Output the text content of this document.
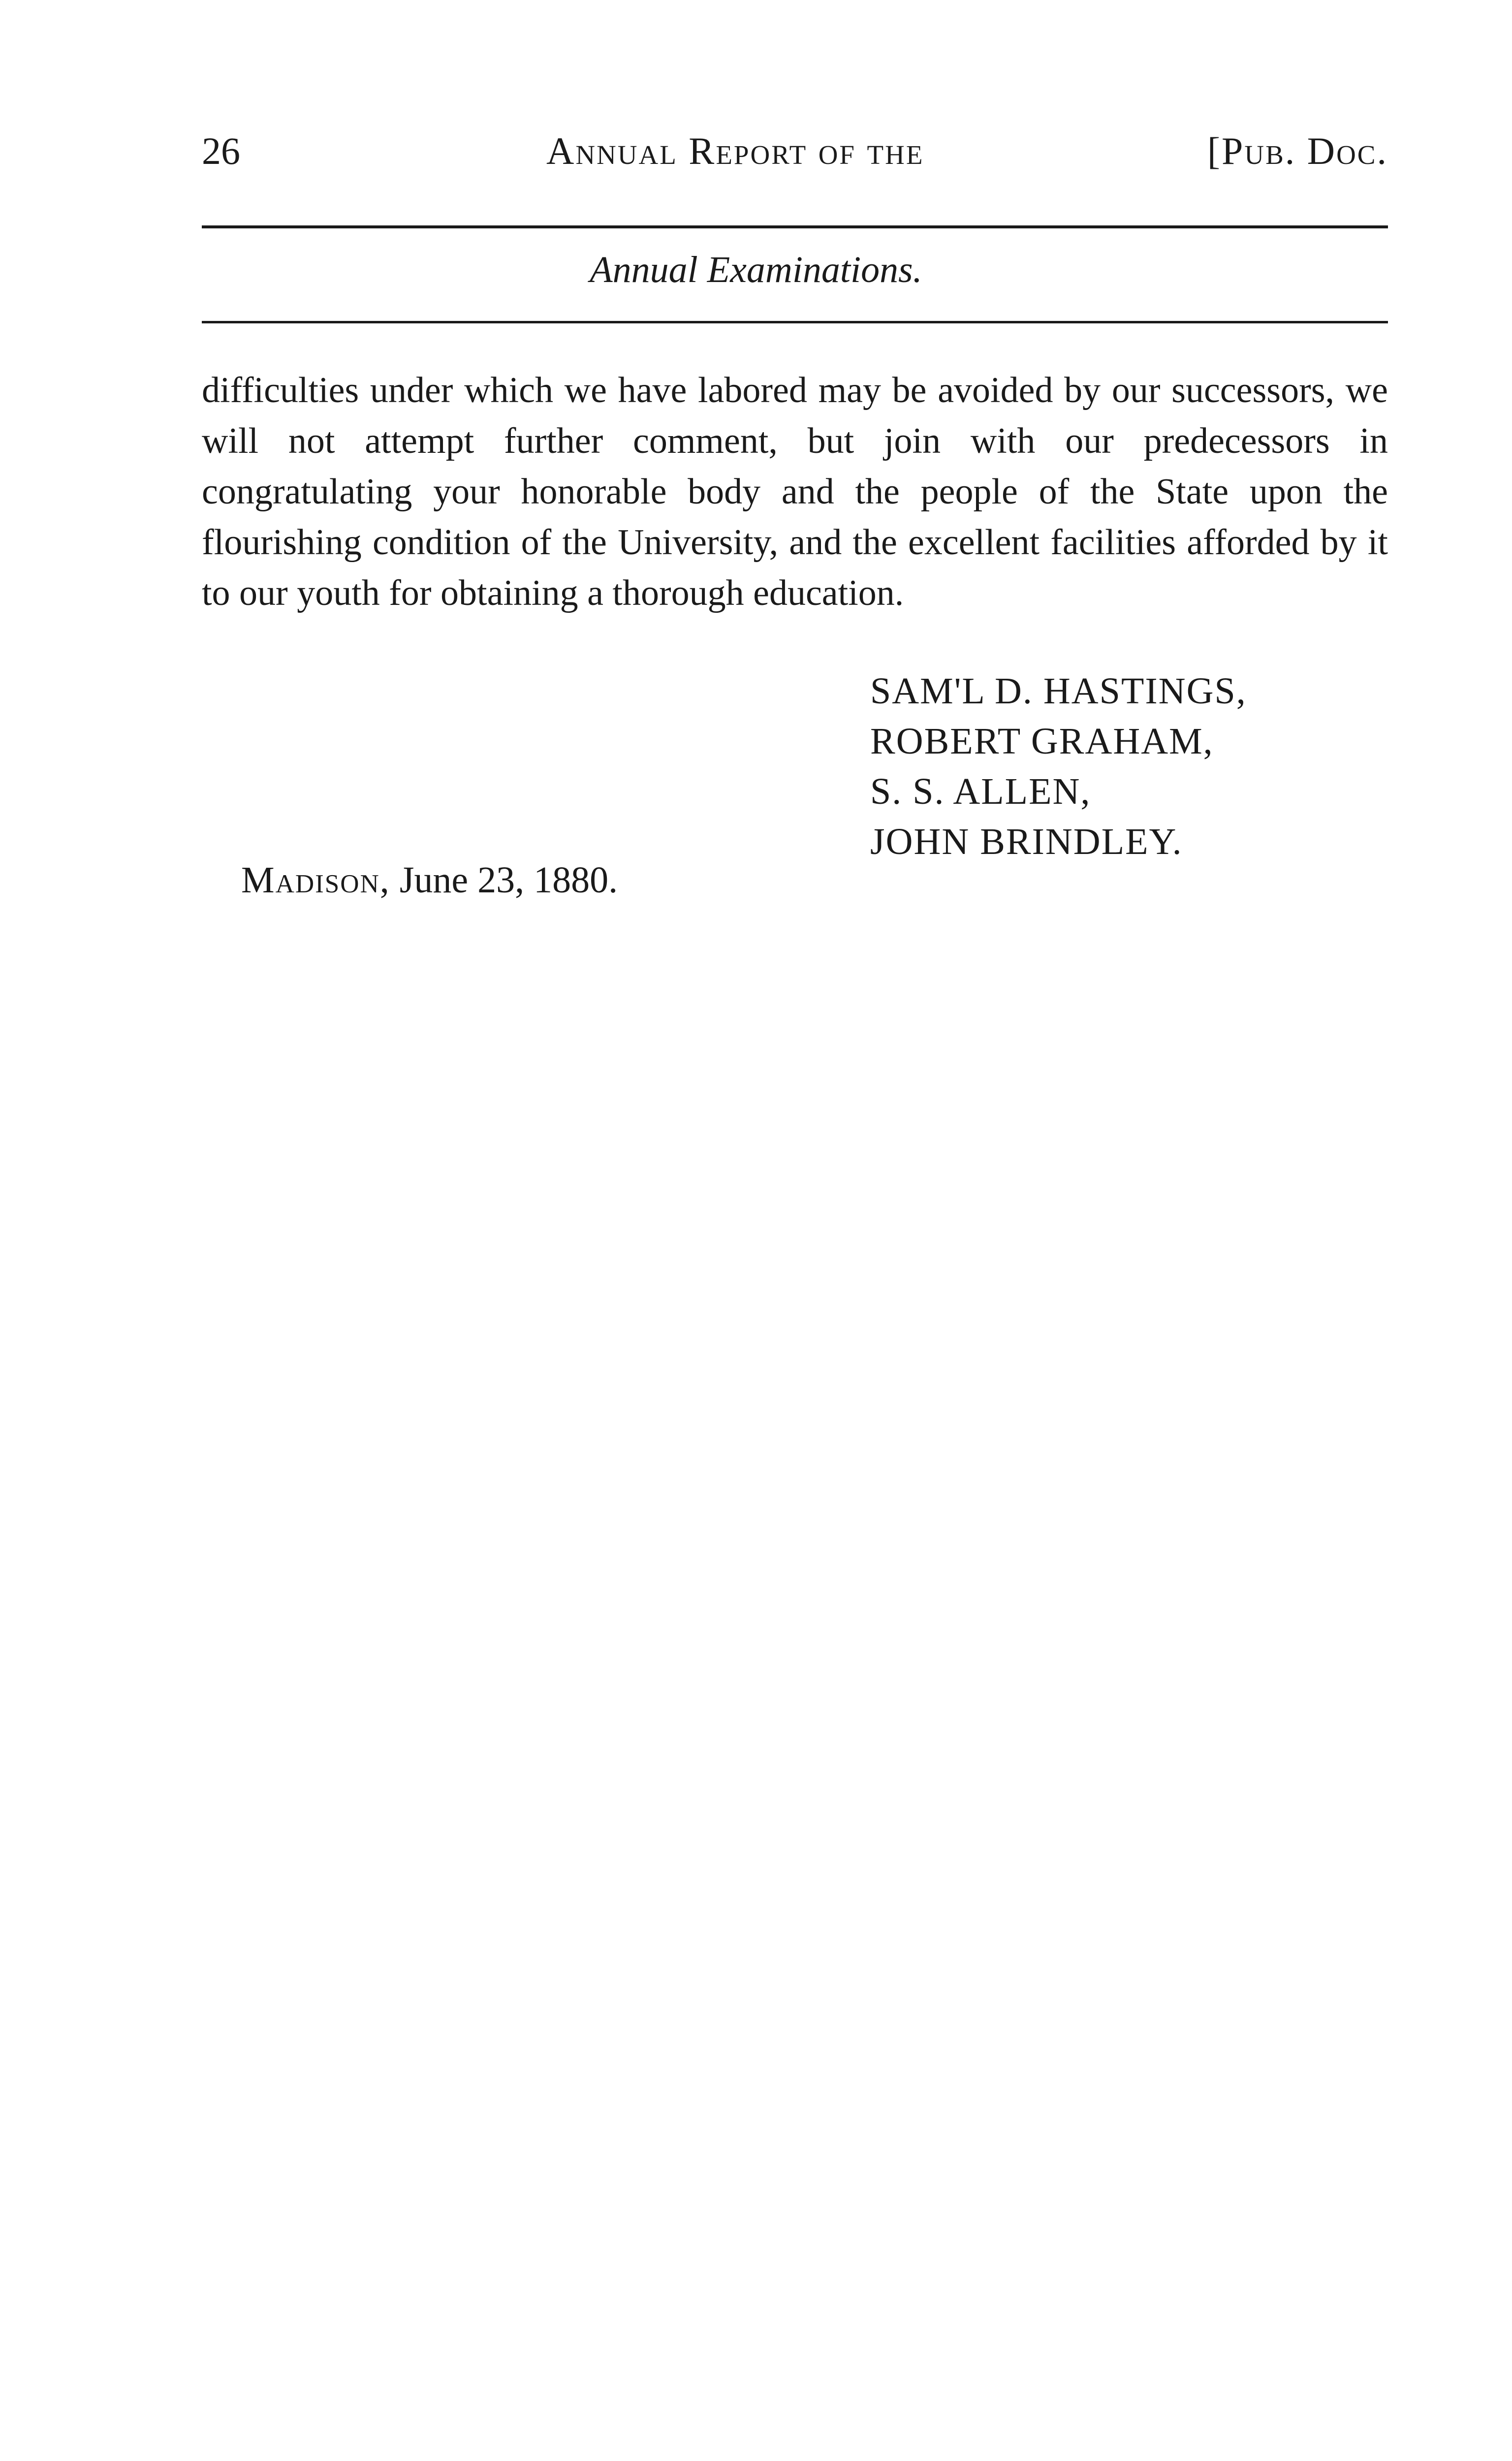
26	Annual Report of the	[Pub. Doc.
Annual Examinations.

difficulties under which we have labored may be avoided by our successors, we will not attempt further comment, but join with our predecessors in congratulating your honorable body and the people of the State upon the flourishing condition of the University, and the excellent facilities afforded by it to our youth for obtaining a thorough education.

SAM'L D. HASTINGS,
ROBERT GRAHAM,
S. S. ALLEN,
JOHN BRINDLEY.
Madison, June 23, 1880.
